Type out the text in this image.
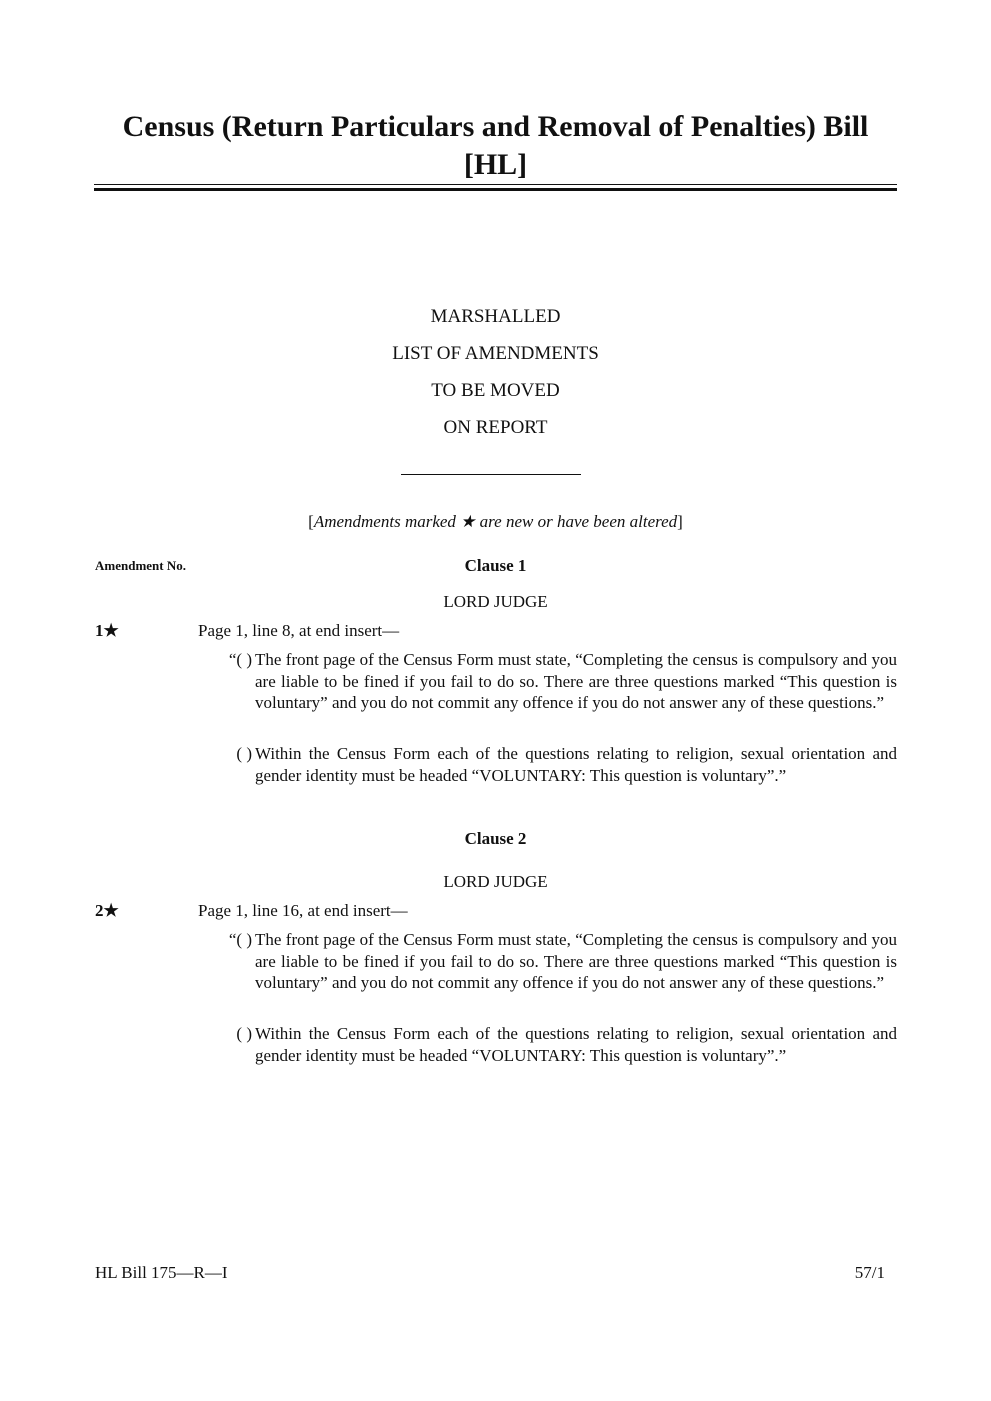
Census (Return Particulars and Removal of Penalties) Bill [HL]
MARSHALLED
LIST OF AMENDMENTS
TO BE MOVED
ON REPORT
[Amendments marked ★ are new or have been altered]
Amendment No.	Clause 1
LORD JUDGE
1★	Page 1, line 8, at end insert—
“( ) The front page of the Census Form must state, “Completing the census is compulsory and you are liable to be fined if you fail to do so. There are three questions marked “This question is voluntary” and you do not commit any offence if you do not answer any of these questions.”
( ) Within the Census Form each of the questions relating to religion, sexual orientation and gender identity must be headed “VOLUNTARY: This question is voluntary”.”
Clause 2
LORD JUDGE
2★	Page 1, line 16, at end insert—
“( ) The front page of the Census Form must state, “Completing the census is compulsory and you are liable to be fined if you fail to do so. There are three questions marked “This question is voluntary” and you do not commit any offence if you do not answer any of these questions.”
( ) Within the Census Form each of the questions relating to religion, sexual orientation and gender identity must be headed “VOLUNTARY: This question is voluntary”.”
HL Bill 175—R—I	57/1
